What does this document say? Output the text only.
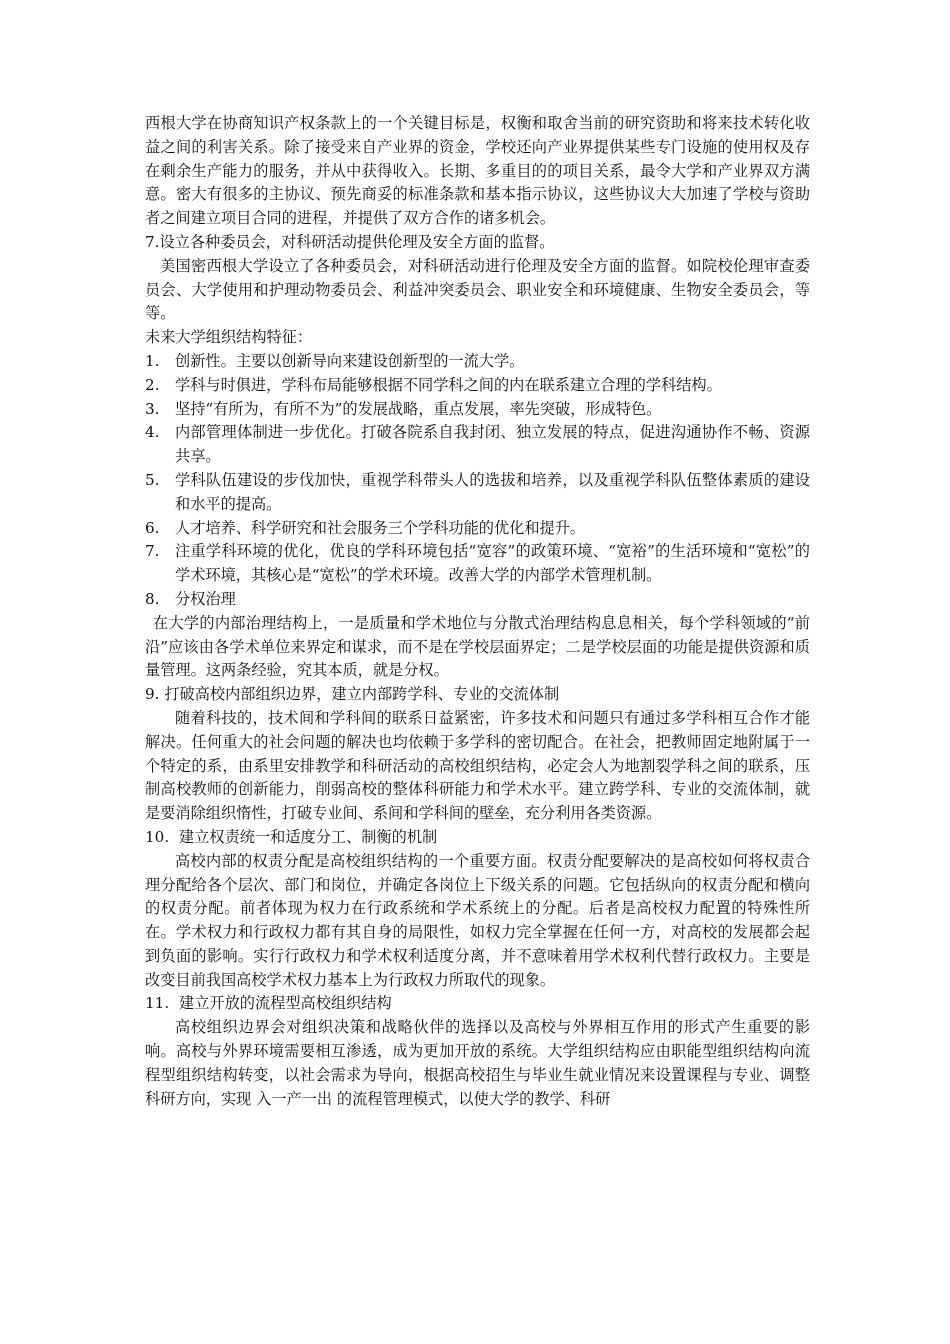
西根大学在协商知识产权条款上的一个关键目标是，权衡和取舍当前的研究资助和将来技术转化收益之间的利害关系。除了接受来自产业界的资金，学校还向产业界提供某些专门设施的使用权及存在剩余生产能力的服务，并从中获得收入。长期、多重目的的项目关系，最令大学和产业界双方满意。密大有很多的主协议、预先商妥的标准条款和基本指示协议，这些协议大大加速了学校与资助者之间建立项目合同的进程，并提供了双方合作的诸多机会。

7.设立各种委员会，对科研活动提供伦理及安全方面的监督。

美国密西根大学设立了各种委员会，对科研活动进行伦理及安全方面的监督。如院校伦理审查委员会、大学使用和护理动物委员会、利益冲突委员会、职业安全和环境健康、生物安全委员会，等等。

未来大学组织结构特征：

1.	创新性。主要以创新导向来建设创新型的一流大学。
2.	学科与时俱进，学科布局能够根据不同学科之间的内在联系建立合理的学科结构。
3.	坚持“有所为，有所不为”的发展战略，重点发展，率先突破，形成特色。
4.	内部管理体制进一步优化。打破各院系自我封闭、独立发展的特点，促进沟通协作不畅、资源共享。
5.	学科队伍建设的步伐加快，重视学科带头人的选拔和培养，以及重视学科队伍整体素质的建设和水平的提高。
6.	人才培养、科学研究和社会服务三个学科功能的优化和提升。
7.	注重学科环境的优化，优良的学科环境包括“宽容”的政策环境、“宽裕”的生活环境和“宽松”的学术环境，其核心是“宽松”的学术环境。改善大学的内部学术管理机制。
8.	分权治理

在大学的内部治理结构上，一是质量和学术地位与分散式治理结构息息相关，每个学科领域的“前沿”应该由各学术单位来界定和谋求，而不是在学校层面界定；二是学校层面的功能是提供资源和质量管理。这两条经验，究其本质，就是分权。

9. 打破高校内部组织边界，建立内部跨学科、专业的交流体制

随着科技的，技术间和学科间的联系日益紧密，许多技术和问题只有通过多学科相互合作才能解决。任何重大的社会问题的解决也均依赖于多学科的密切配合。在社会，把教师固定地附属于一个特定的系，由系里安排教学和科研活动的高校组织结构，必定会人为地割裂学科之间的联系，压制高校教师的创新能力，削弱高校的整体科研能力和学术水平。建立跨学科、专业的交流体制，就是要消除组织惰性，打破专业间、系间和学科间的壁垒，充分利用各类资源。

10. 建立权责统一和适度分工、制衡的机制

高校内部的权责分配是高校组织结构的一个重要方面。权责分配要解决的是高校如何将权责合理分配给各个层次、部门和岗位，并确定各岗位上下级关系的问题。它包括纵向的权责分配和横向的权责分配。前者体现为权力在行政系统和学术系统上的分配。后者是高校权力配置的特殊性所在。学术权力和行政权力都有其自身的局限性，如权力完全掌握在任何一方，对高校的发展都会起到负面的影响。实行行政权力和学术权利适度分离，并不意味着用学术权利代替行政权力。主要是改变目前我国高校学术权力基本上为行政权力所取代的现象。

11. 建立开放的流程型高校组织结构

高校组织边界会对组织决策和战略伙伴的选择以及高校与外界相互作用的形式产生重要的影响。高校与外界环境需要相互渗透，成为更加开放的系统。大学组织结构应由职能型组织结构向流程型组织结构转变，以社会需求为导向，根据高校招生与毕业生就业情况来设置课程与专业、调整科研方向，实现 入一产一出 的流程管理模式，以使大学的教学、科研
